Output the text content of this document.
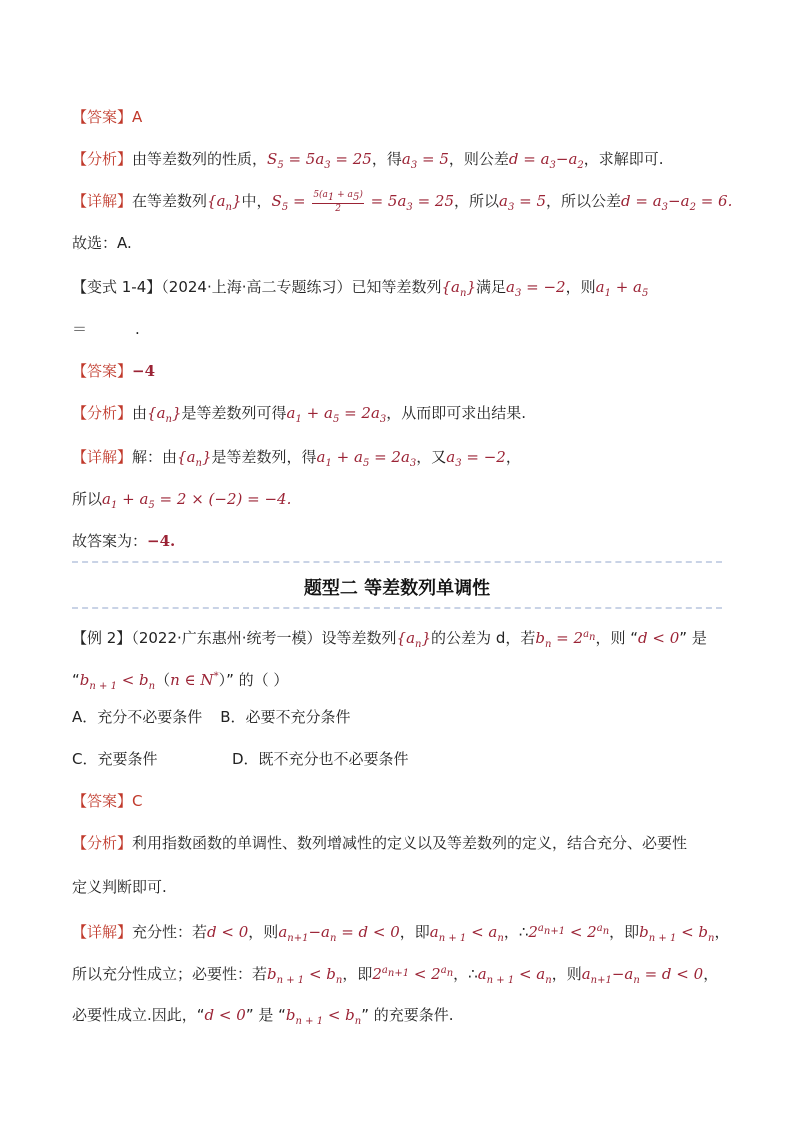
【答案】A
【分析】由等差数列的性质，$S_5 = 5a_3 = 25$，得$a_3 = 5$，则公差$d = a_3-a_2$，求解即可.
【详解】在等差数列$\{a_n\}$中，$S_5 = \frac{5(a_1 + a_5)}{2} = 5a_3 = 25$，所以$a_3 = 5$，所以公差$d = a_3-a_2 = 6$.
故选：A.
【变式 1-4】（2024·上海·高二专题练习）已知等差数列$\{a_n\}$满足$a_3 = -2$，则$a_1 + a_5$
＝	.
【答案】−4
【分析】由$\{a_n\}$是等差数列可得$a_1 + a_5 = 2a_3$，从而即可求出结果.
【详解】解：由$\{a_n\}$是等差数列，得$a_1 + a_5 = 2a_3$，又$a_3 = -2$，
所以$a_1 + a_5 = 2 \times (-2) = -4$.
故答案为：−4.
题型二 等差数列单调性
【例 2】（2022·广东惠州·统考一模）设等差数列$\{a_n\}$的公差为 d，若$b_n = 2^{a_n}$，则 “d < 0” 是
“$b_{n + 1} < b_n(n$ ∈ N*）” 的（ ）
A．充分不必要条件 B．必要不充分条件
C．充要条件	D．既不充分也不必要条件
【答案】C
【分析】利用指数函数的单调性、数列增减性的定义以及等差数列的定义，结合充分、必要性
定义判断即可.
【详解】充分性：若d < 0，则$a_{n+1}-a_n = d < 0$，即$a_{n + 1} < a_n$，$\therefore 2^{a_{n+1}} < 2^{a_n}$，即$b_{n + 1} < b_n$，
所以充分性成立；必要性：若$b_{n + 1} < b_n$，即$2^{a_{n+1}} < 2^{a_n}$，$\therefore a_{n + 1} < a_n$，则$a_{n+1}-a_n = d < 0$，
必要性成立.因此，“d < 0” 是 “$b_{n + 1} < b_n$” 的充要条件.
